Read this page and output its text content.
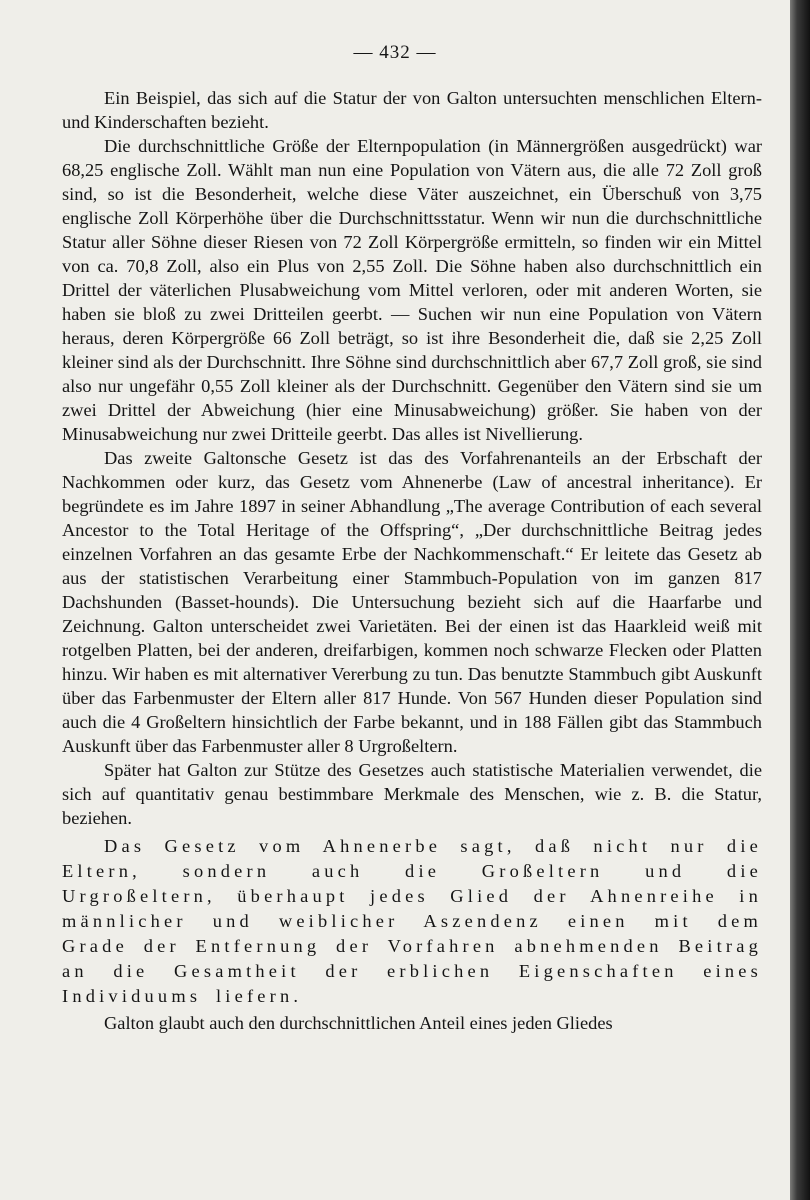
— 432 —

Ein Beispiel, das sich auf die Statur der von Galton untersuchten menschlichen Eltern- und Kinderschaften bezieht.

Die durchschnittliche Größe der Elternpopulation (in Männergrößen ausgedrückt) war 68,25 englische Zoll. Wählt man nun eine Population von Vätern aus, die alle 72 Zoll groß sind, so ist die Besonderheit, welche diese Väter auszeichnet, ein Überschuß von 3,75 englische Zoll Körperhöhe über die Durchschnittsstatur. Wenn wir nun die durchschnittliche Statur aller Söhne dieser Riesen von 72 Zoll Körpergröße ermitteln, so finden wir ein Mittel von ca. 70,8 Zoll, also ein Plus von 2,55 Zoll. Die Söhne haben also durchschnittlich ein Drittel der väterlichen Plusabweichung vom Mittel verloren, oder mit anderen Worten, sie haben sie bloß zu zwei Dritteilen geerbt. — Suchen wir nun eine Population von Vätern heraus, deren Körpergröße 66 Zoll beträgt, so ist ihre Besonderheit die, daß sie 2,25 Zoll kleiner sind als der Durchschnitt. Ihre Söhne sind durchschnittlich aber 67,7 Zoll groß, sie sind also nur ungefähr 0,55 Zoll kleiner als der Durchschnitt. Gegenüber den Vätern sind sie um zwei Drittel der Abweichung (hier eine Minusabweichung) größer. Sie haben von der Minusabweichung nur zwei Dritteile geerbt. Das alles ist Nivellierung.

Das zweite Galtonsche Gesetz ist das des Vorfahrenanteils an der Erbschaft der Nachkommen oder kurz, das Gesetz vom Ahnenerbe (Law of ancestral inheritance). Er begründete es im Jahre 1897 in seiner Abhandlung „The average Contribution of each several Ancestor to the Total Heritage of the Offspring“, „Der durchschnittliche Beitrag jedes einzelnen Vorfahren an das gesamte Erbe der Nachkommenschaft.“ Er leitete das Gesetz ab aus der statistischen Verarbeitung einer Stammbuch-Population von im ganzen 817 Dachshunden (Basset-hounds). Die Untersuchung bezieht sich auf die Haarfarbe und Zeichnung. Galton unterscheidet zwei Varietäten. Bei der einen ist das Haarkleid weiß mit rotgelben Platten, bei der anderen, dreifarbigen, kommen noch schwarze Flecken oder Platten hinzu. Wir haben es mit alternativer Vererbung zu tun. Das benutzte Stammbuch gibt Auskunft über das Farbenmuster der Eltern aller 817 Hunde. Von 567 Hunden dieser Population sind auch die 4 Großeltern hinsichtlich der Farbe bekannt, und in 188 Fällen gibt das Stammbuch Auskunft über das Farbenmuster aller 8 Urgroßeltern.

Später hat Galton zur Stütze des Gesetzes auch statistische Materialien verwendet, die sich auf quantitativ genau bestimmbare Merkmale des Menschen, wie z. B. die Statur, beziehen.

Das Gesetz vom Ahnenerbe sagt, daß nicht nur die Eltern, sondern auch die Großeltern und die Urgroßeltern, überhaupt jedes Glied der Ahnenreihe in männlicher und weiblicher Aszendenz einen mit dem Grade der Entfernung der Vorfahren abnehmenden Beitrag an die Gesamtheit der erblichen Eigenschaften eines Individuums liefern.

Galton glaubt auch den durchschnittlichen Anteil eines jeden Gliedes
